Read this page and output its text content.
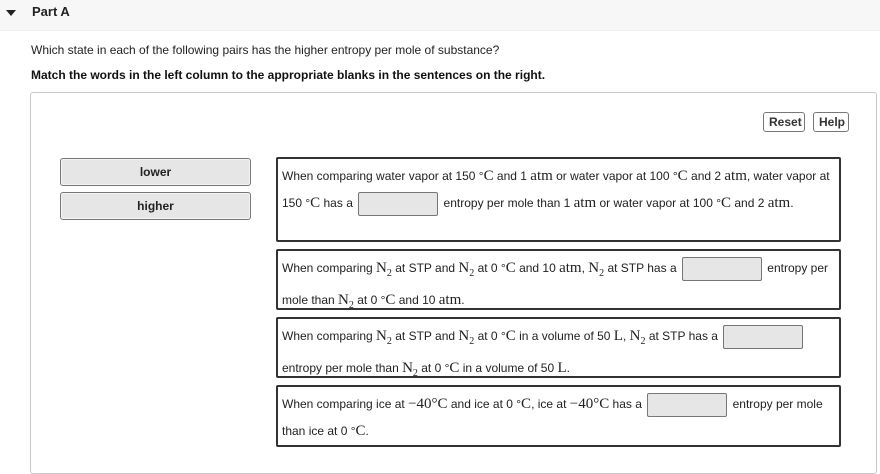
Part A
Which state in each of the following pairs has the higher entropy per mole of substance?
Match the words in the left column to the appropriate blanks in the sentences on the right.
Reset	Help
lower
higher
When comparing water vapor at 150 °C and 1 atm or water vapor at 100 °C and 2 atm, water vapor at 150 °C has a	entropy per mole than 1 atm or water vapor at 100 °C and 2 atm.
When comparing $N_2$ at STP and $N_2$ at 0 °C and 10 atm, $N_2$ at STP has a	entropy per mole than $N_2$ at 0 °C and 10 atm.
When comparing $N_2$ at STP and $N_2$ at 0 °C in a volume of 50 L, $N_2$ at STP has a  entropy per mole than $N_2$ at 0 °C in a volume of 50 L.
When comparing ice at −40°C and ice at 0 °C, ice at −40°C has a	entropy per mole than ice at 0 °C.
